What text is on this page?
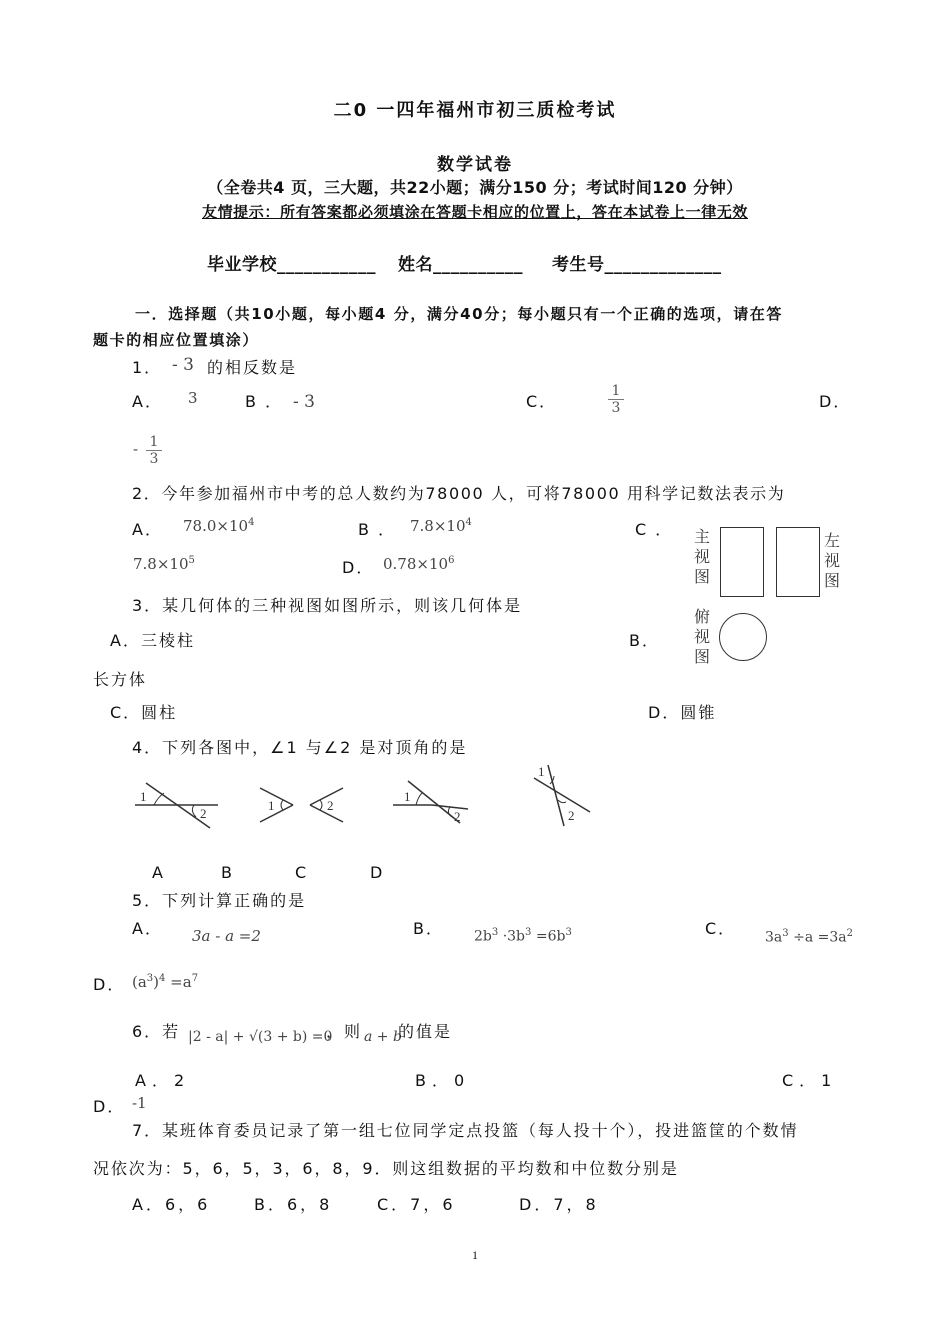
二0 一四年福州市初三质检考试
数学试卷
（全卷共4 页，三大题，共22小题；满分150 分；考试时间120 分钟）
友情提示：所有答案都必须填涂在答题卡相应的位置上，答在本试卷上一律无效
毕业学校___________ 姓名__________ 考生号_____________
一．选择题（共10小题，每小题4 分，满分40分；每小题只有一个正确的选项，请在答
题卡的相应位置填涂）
1． - 3 的相反数是
A． 3	B ． - 3	C．	$\frac{1}{3}$	D．
- $\frac{1}{3}$
2．今年参加福州市中考的总人数约为78000 人，可将78000 用科学记数法表示为
A． $78.0\times 10^4$	B ． $7.8\times 10^4$	C ．
$7.8\times 10^5$	D． $0.78\times 10^6$
主
视
图
左
视
图
俯
视
图
3．某几何体的三种视图如图所示，则该几何体是
A．三棱柱	B．
长方体
C．圆柱	D．圆锥
4．下列各图中，∠1 与∠2 是对顶角的是
1
2
1	2
1
2
1
2
A	B	C	D
5．下列计算正确的是
A． 3a - a =2	B． $2b^3 \cdot 3b^3 =6b^3$	C． $3a^3 \div a =3a^2$
D． $(a^3)^4 =a^7$
6．若 |2 - a| + √(3 + b) =0
，则 a + b
的值是
A．2	B．0	C．1
D． -1
7．某班体育委员记录了第一组七位同学定点投篮（每人投十个），投进篮筐的个数情
况依次为：5，6，5，3，6，8，9．则这组数据的平均数和中位数分别是
A．6，6	B．6，8	C．7，6	D．7，8
1
